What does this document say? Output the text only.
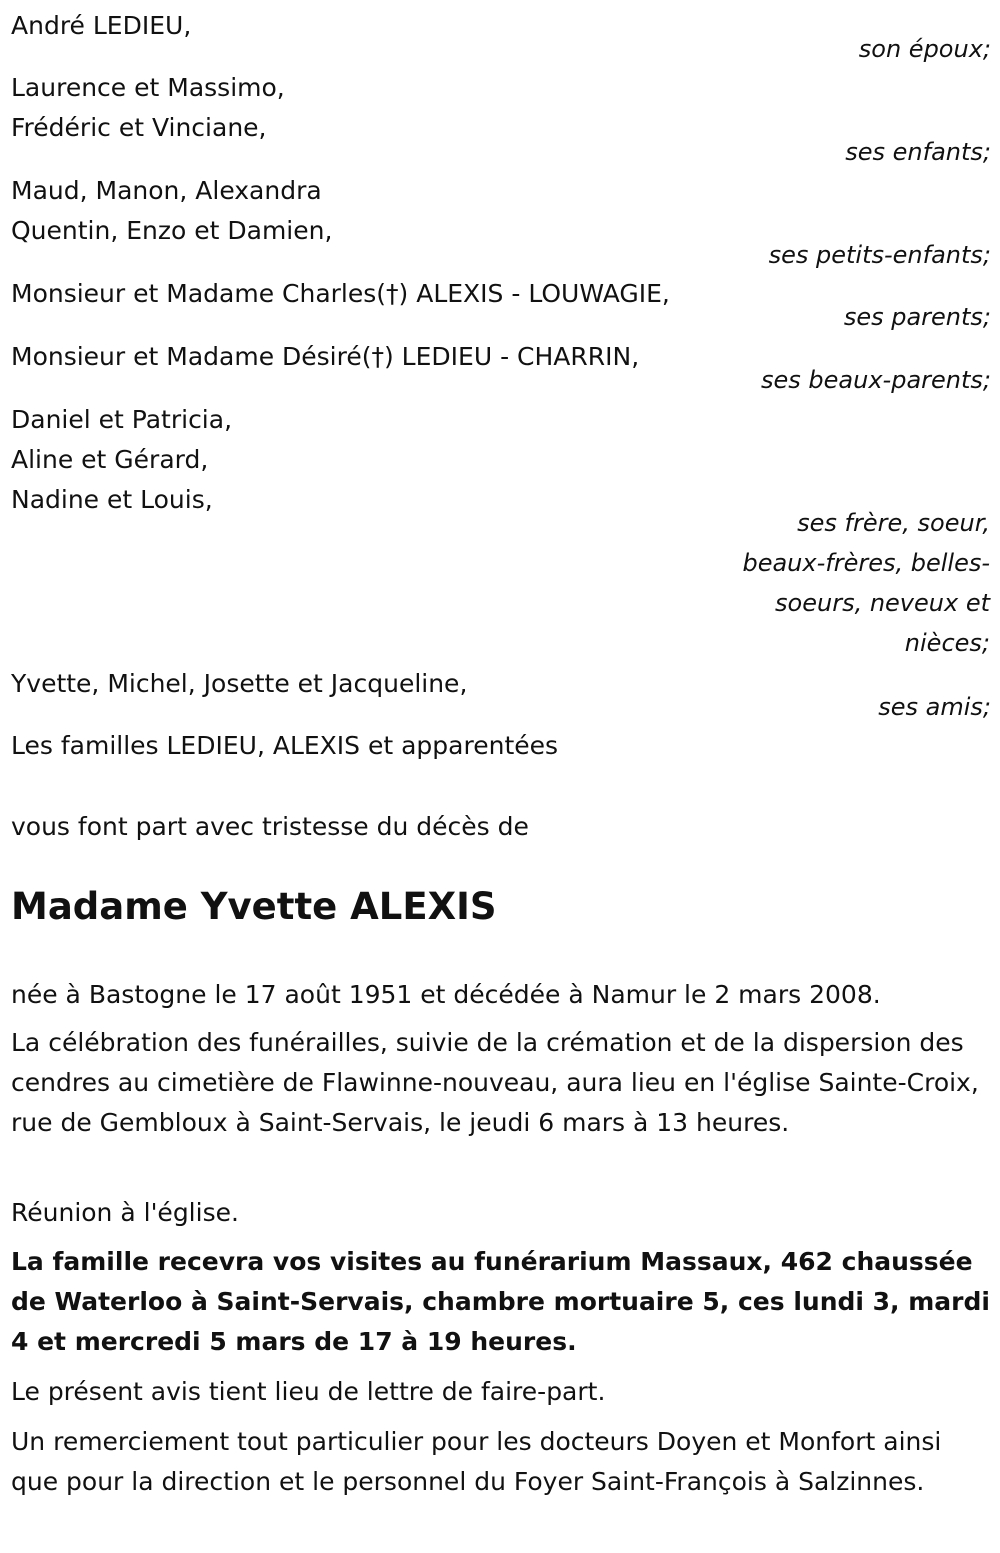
André LEDIEU,

son époux;

Laurence et Massimo,

Frédéric et Vinciane,

ses enfants;

Maud, Manon, Alexandra

Quentin, Enzo et Damien,

ses petits-enfants;

Monsieur et Madame Charles(†) ALEXIS - LOUWAGIE,

ses parents;

Monsieur et Madame Désiré(†) LEDIEU - CHARRIN,

ses beaux-parents;

Daniel et Patricia,

Aline et Gérard,

Nadine et Louis,

ses frère, soeur,
beaux-frères, belles-
soeurs, neveux et
nièces;

Yvette, Michel, Josette et Jacqueline,

ses amis;

Les familles LEDIEU, ALEXIS et apparentées
vous font part avec tristesse du décès de
Madame Yvette ALEXIS

née à Bastogne le 17 août 1951 et décédée à Namur le 2 mars 2008.

La célébration des funérailles, suivie de la crémation et de la dispersion des cendres au cimetière de Flawinne-nouveau, aura lieu en l'église Sainte-Croix, rue de Gembloux à Saint-Servais, le jeudi 6 mars à 13 heures.

Réunion à l'église.

La famille recevra vos visites au funérarium Massaux, 462 chaussée de Waterloo à Saint-Servais, chambre mortuaire 5, ces lundi 3, mardi 4 et mercredi 5 mars de 17 à 19 heures.

Le présent avis tient lieu de lettre de faire-part.

Un remerciement tout particulier pour les docteurs Doyen et Monfort ainsi que pour la direction et le personnel du Foyer Saint-François à Salzinnes.
